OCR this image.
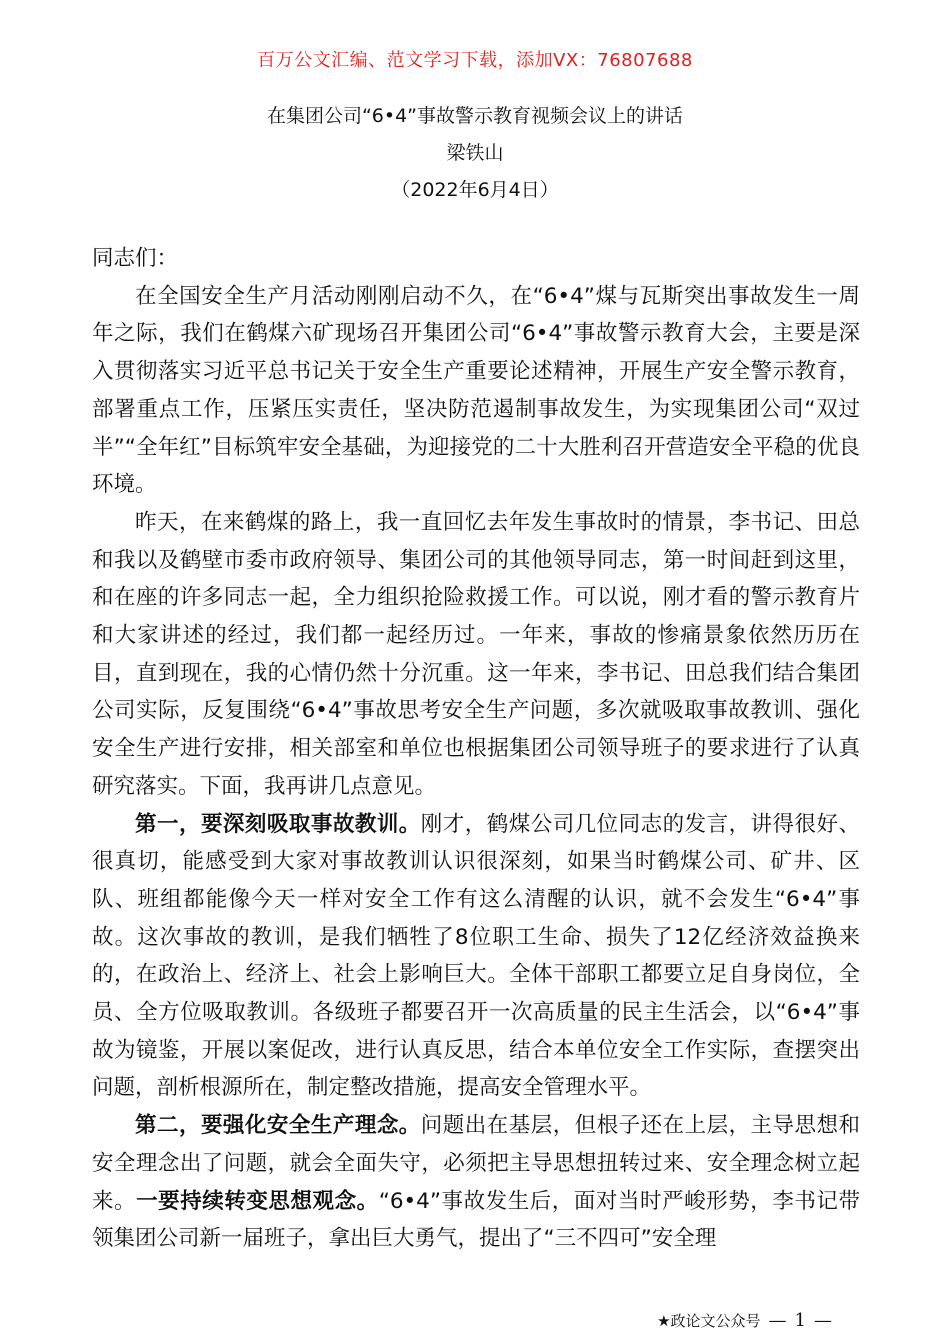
百万公文汇编、范文学习下载，添加VX：76807688
在集团公司“6•4”事故警示教育视频会议上的讲话
梁铁山
（2022年6月4日）

同志们：

在全国安全生产月活动刚刚启动不久，在“6•4”煤与瓦斯突出事故发生一周年之际，我们在鹤煤六矿现场召开集团公司“6•4”事故警示教育大会，主要是深入贯彻落实习近平总书记关于安全生产重要论述精神，开展生产安全警示教育，部署重点工作，压紧压实责任，坚决防范遏制事故发生，为实现集团公司“双过半”“全年红”目标筑牢安全基础，为迎接党的二十大胜利召开营造安全平稳的优良环境。

昨天，在来鹤煤的路上，我一直回忆去年发生事故时的情景，李书记、田总和我以及鹤壁市委市政府领导、集团公司的其他领导同志，第一时间赶到这里，和在座的许多同志一起，全力组织抢险救援工作。可以说，刚才看的警示教育片和大家讲述的经过，我们都一起经历过。一年来，事故的惨痛景象依然历历在目，直到现在，我的心情仍然十分沉重。这一年来，李书记、田总我们结合集团公司实际，反复围绕“6•4”事故思考安全生产问题，多次就吸取事故教训、强化安全生产进行安排，相关部室和单位也根据集团公司领导班子的要求进行了认真研究落实。下面，我再讲几点意见。

第一，要深刻吸取事故教训。刚才，鹤煤公司几位同志的发言，讲得很好、很真切，能感受到大家对事故教训认识很深刻，如果当时鹤煤公司、矿井、区队、班组都能像今天一样对安全工作有这么清醒的认识，就不会发生“6•4”事故。这次事故的教训，是我们牺牲了8位职工生命、损失了12亿经济效益换来的，在政治上、经济上、社会上影响巨大。全体干部职工都要立足自身岗位，全员、全方位吸取教训。各级班子都要召开一次高质量的民主生活会，以“6•4”事故为镜鉴，开展以案促改，进行认真反思，结合本单位安全工作实际，查摆突出问题，剖析根源所在，制定整改措施，提高安全管理水平。

第二，要强化安全生产理念。问题出在基层，但根子还在上层，主导思想和安全理念出了问题，就会全面失守，必须把主导思想扭转过来、安全理念树立起来。一要持续转变思想观念。“6•4”事故发生后，面对当时严峻形势，李书记带领集团公司新一届班子，拿出巨大勇气，提出了“三不四可”安全理

★政论文公众号 — 1 —
